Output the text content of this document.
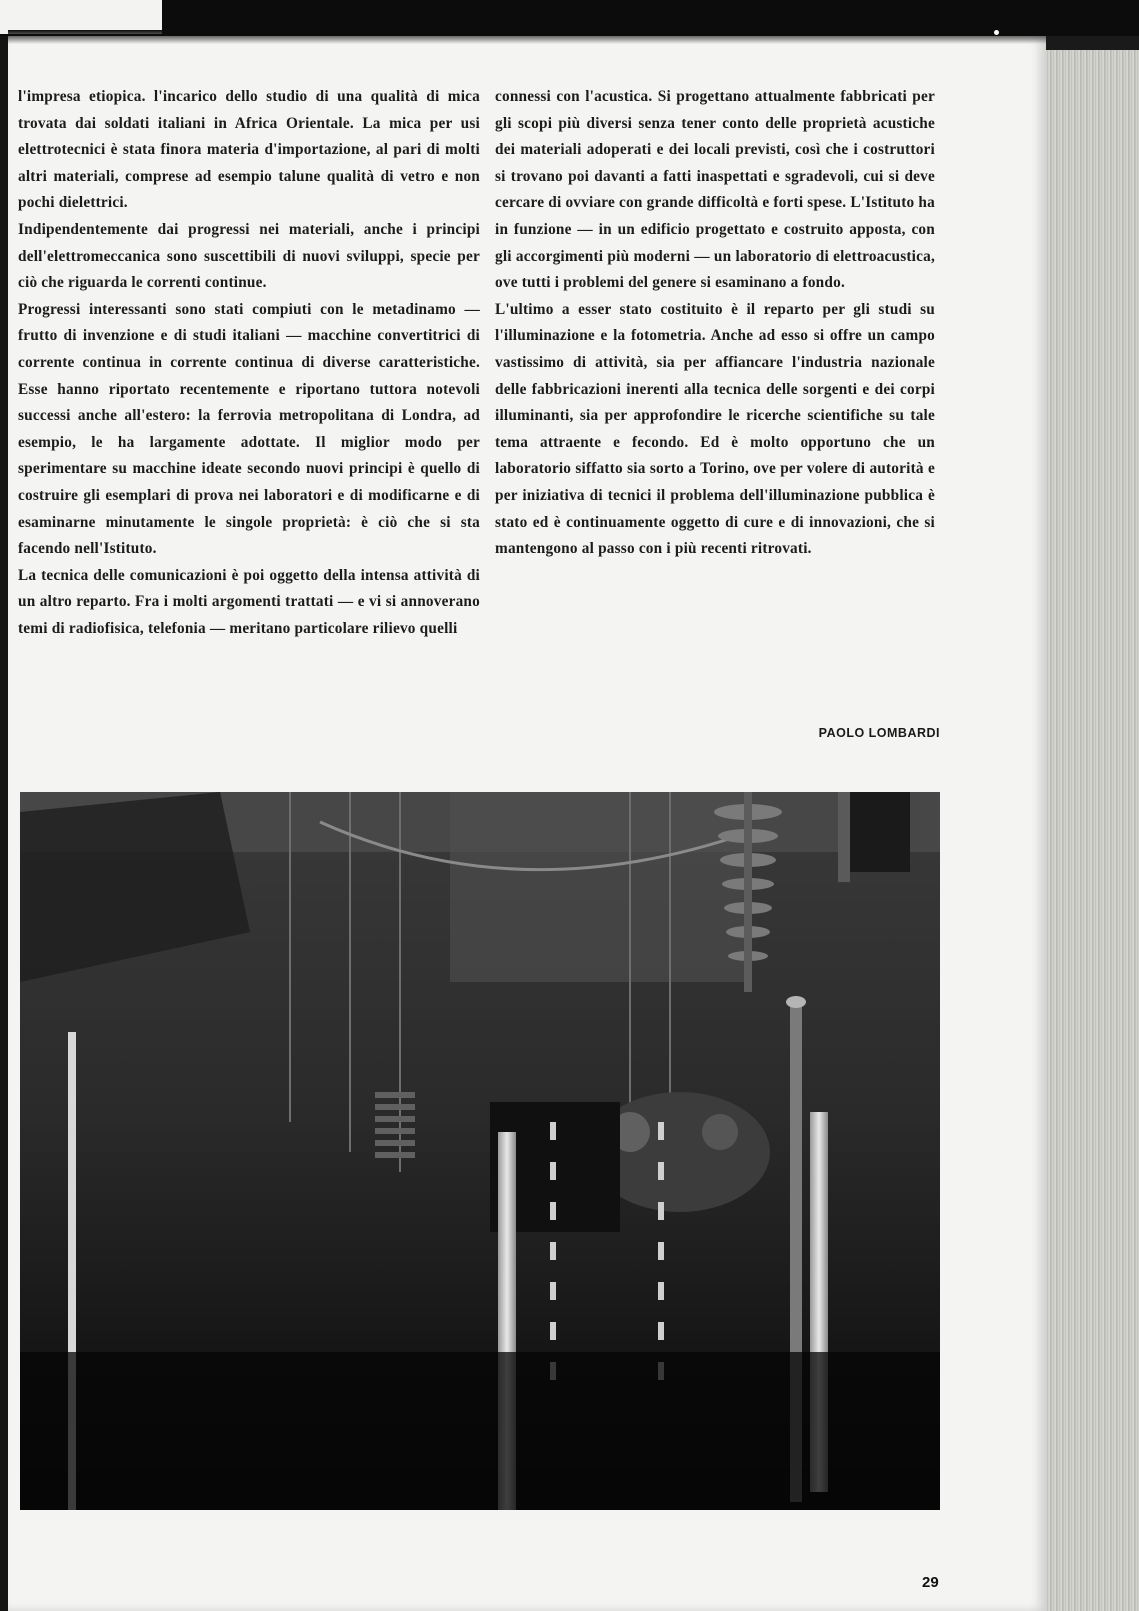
l'impresa etiopica. l'incarico dello studio di una qualità di mica trovata dai soldati italiani in Africa Orientale. La mica per usi elettrotecnici è stata finora materia d'importazione, al pari di molti altri materiali, comprese ad esempio talune qualità di vetro e non pochi dielettrici.

Indipendentemente dai progressi nei materiali, anche i principi dell'elettromeccanica sono suscettibili di nuovi sviluppi, specie per ciò che riguarda le correnti continue.

Progressi interessanti sono stati compiuti con le metadinamo — frutto di invenzione e di studi italiani — macchine convertitrici di corrente continua in corrente continua di diverse caratteristiche. Esse hanno riportato recentemente e riportano tuttora notevoli successi anche all'estero: la ferrovia metropolitana di Londra, ad esempio, le ha largamente adottate. Il miglior modo per sperimentare su macchine ideate secondo nuovi principi è quello di costruire gli esemplari di prova nei laboratori e di modificarne e di esaminarne minutamente le singole proprietà: è ciò che si sta facendo nell'Istituto.

La tecnica delle comunicazioni è poi oggetto della intensa attività di un altro reparto. Fra i molti argomenti trattati — e vi si annoverano temi di radiofisica, telefonia — meritano particolare rilievo quelli

connessi con l'acustica. Si progettano attualmente fabbricati per gli scopi più diversi senza tener conto delle proprietà acustiche dei materiali adoperati e dei locali previsti, così che i costruttori si trovano poi davanti a fatti inaspettati e sgradevoli, cui si deve cercare di ovviare con grande difficoltà e forti spese. L'Istituto ha in funzione — in un edificio progettato e costruito apposta, con gli accorgimenti più moderni — un laboratorio di elettroacustica, ove tutti i problemi del genere si esaminano a fondo.

L'ultimo a esser stato costituito è il reparto per gli studi su l'illuminazione e la fotometria. Anche ad esso si offre un campo vastissimo di attività, sia per affiancare l'industria nazionale delle fabbricazioni inerenti alla tecnica delle sorgenti e dei corpi illuminanti, sia per approfondire le ricerche scientifiche su tale tema attraente e fecondo. Ed è molto opportuno che un laboratorio siffatto sia sorto a Torino, ove per volere di autorità e per iniziativa di tecnici il problema dell'illuminazione pubblica è stato ed è continuamente oggetto di cure e di innovazioni, che si mantengono al passo con i più recenti ritrovati.

PAOLO LOMBARDI
29
